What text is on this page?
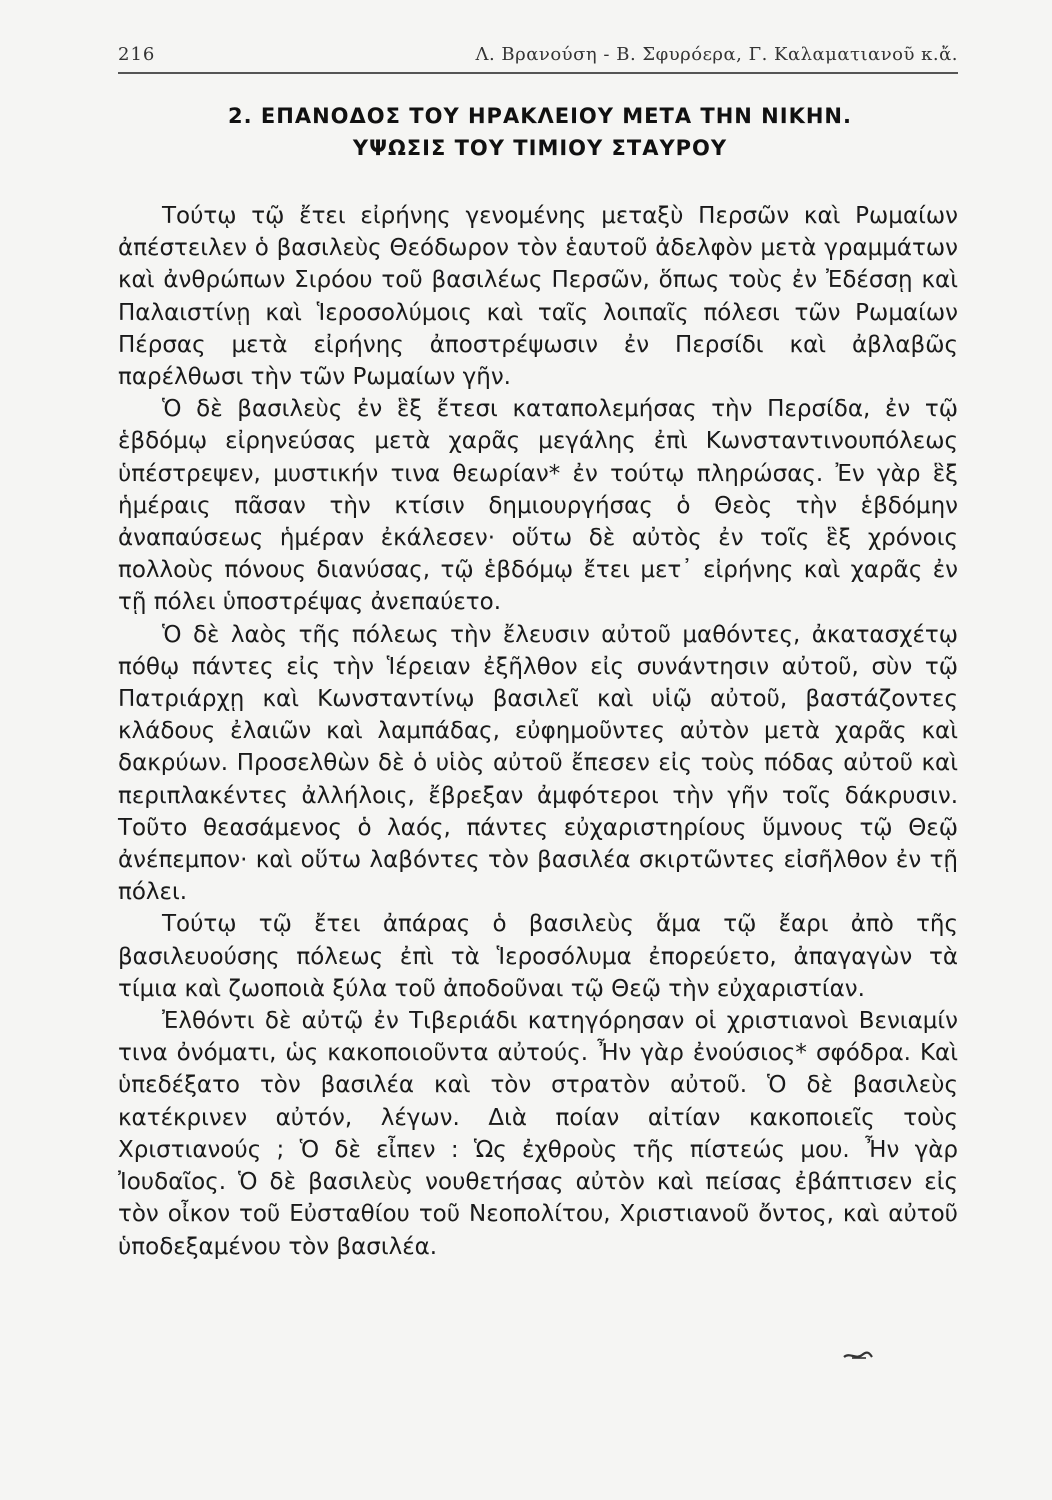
216	Λ. Βρανούση - Β. Σφυρόερα, Γ. Καλαματιανοῦ κ.ἄ.
2. ΕΠΑΝΟΔΟΣ ΤΟΥ ΗΡΑΚΛΕΙΟΥ ΜΕΤΑ ΤΗΝ ΝΙΚΗΝ.
ΥΨΩΣΙΣ ΤΟΥ ΤΙΜΙΟΥ ΣΤΑΥΡΟΥ

Τούτῳ τῷ ἔτει εἰρήνης γενομένης μεταξὺ Περσῶν καὶ Ρωμαίων ἀπέστειλεν ὁ βασιλεὺς Θεόδωρον τὸν ἑαυτοῦ ἀδελφὸν μετὰ γραμμάτων καὶ ἀνθρώπων Σιρόου τοῦ βασιλέως Περσῶν, ὅπως τοὺς ἐν Ἐδέσσῃ καὶ Παλαιστίνῃ καὶ Ἱεροσολύμοις καὶ ταῖς λοιπαῖς πόλεσι τῶν Ρωμαίων Πέρσας μετὰ εἰρήνης ἀποστρέψωσιν ἐν Περσίδι καὶ ἀβλαβῶς παρέλθωσι τὴν τῶν Ρωμαίων γῆν.

Ὁ δὲ βασιλεὺς ἐν ἓξ ἔτεσι καταπολεμήσας τὴν Περσίδα, ἐν τῷ ἑβδόμῳ εἰρηνεύσας μετὰ χαρᾶς μεγάλης ἐπὶ Κωνσταντινουπόλεως ὑπέστρεψεν, μυστικήν τινα θεωρίαν* ἐν τούτῳ πληρώσας. Ἐν γὰρ ἓξ ἡμέραις πᾶσαν τὴν κτίσιν δημιουργήσας ὁ Θεὸς τὴν ἑβδόμην ἀναπαύσεως ἡμέραν ἐκάλεσεν· οὕτω δὲ αὐτὸς ἐν τοῖς ἓξ χρόνοις πολλοὺς πόνους διανύσας, τῷ ἑβδόμῳ ἔτει μετ᾽ εἰρήνης καὶ χαρᾶς ἐν τῇ πόλει ὑποστρέψας ἀνεπαύετο.

Ὁ δὲ λαὸς τῆς πόλεως τὴν ἔλευσιν αὐτοῦ μαθόντες, ἀκατασχέτῳ πόθῳ πάντες εἰς τὴν Ἱέρειαν ἐξῆλθον εἰς συνάντησιν αὐτοῦ, σὺν τῷ Πατριάρχῃ καὶ Κωνσταντίνῳ βασιλεῖ καὶ υἱῷ αὐτοῦ, βαστάζοντες κλάδους ἐλαιῶν καὶ λαμπάδας, εὐφημοῦντες αὐτὸν μετὰ χαρᾶς καὶ δακρύων. Προσελθὼν δὲ ὁ υἱὸς αὐτοῦ ἔπεσεν εἰς τοὺς πόδας αὐτοῦ καὶ περιπλακέντες ἀλλήλοις, ἔβρεξαν ἀμφότεροι τὴν γῆν τοῖς δάκρυσιν. Τοῦτο θεασάμενος ὁ λαός, πάντες εὐχαριστηρίους ὕμνους τῷ Θεῷ ἀνέπεμπον· καὶ οὕτω λαβόντες τὸν βασιλέα σκιρτῶντες εἰσῆλθον ἐν τῇ πόλει.

Τούτῳ τῷ ἔτει ἀπάρας ὁ βασιλεὺς ἅμα τῷ ἔαρι ἀπὸ τῆς βασιλευούσης πόλεως ἐπὶ τὰ Ἱεροσόλυμα ἐπορεύετο, ἀπαγαγὼν τὰ τίμια καὶ ζωοποιὰ ξύλα τοῦ ἀποδοῦναι τῷ Θεῷ τὴν εὐχαριστίαν.

Ἐλθόντι δὲ αὐτῷ ἐν Τιβεριάδι κατηγόρησαν οἱ χριστιανοὶ Βενιαμίν τινα ὀνόματι, ὡς κακοποιοῦντα αὐτούς. Ἦν γὰρ ἐνούσιος* σφόδρα. Καὶ ὑπεδέξατο τὸν βασιλέα καὶ τὸν στρατὸν αὐτοῦ. Ὁ δὲ βασιλεὺς κατέκρινεν αὐτόν, λέγων. Διὰ ποίαν αἰτίαν κακοποιεῖς τοὺς Χριστιανούς ; Ὁ δὲ εἶπεν : Ὡς ἐχθροὺς τῆς πίστεώς μου. Ἦν γὰρ Ἰουδαῖος. Ὁ δὲ βασιλεὺς νουθετήσας αὐτὸν καὶ πείσας ἐβάπτισεν εἰς τὸν οἶκον τοῦ Εὐσταθίου τοῦ Νεοπολίτου, Χριστιανοῦ ὄντος, καὶ αὐτοῦ ὑποδεξαμένου τὸν βασιλέα.
